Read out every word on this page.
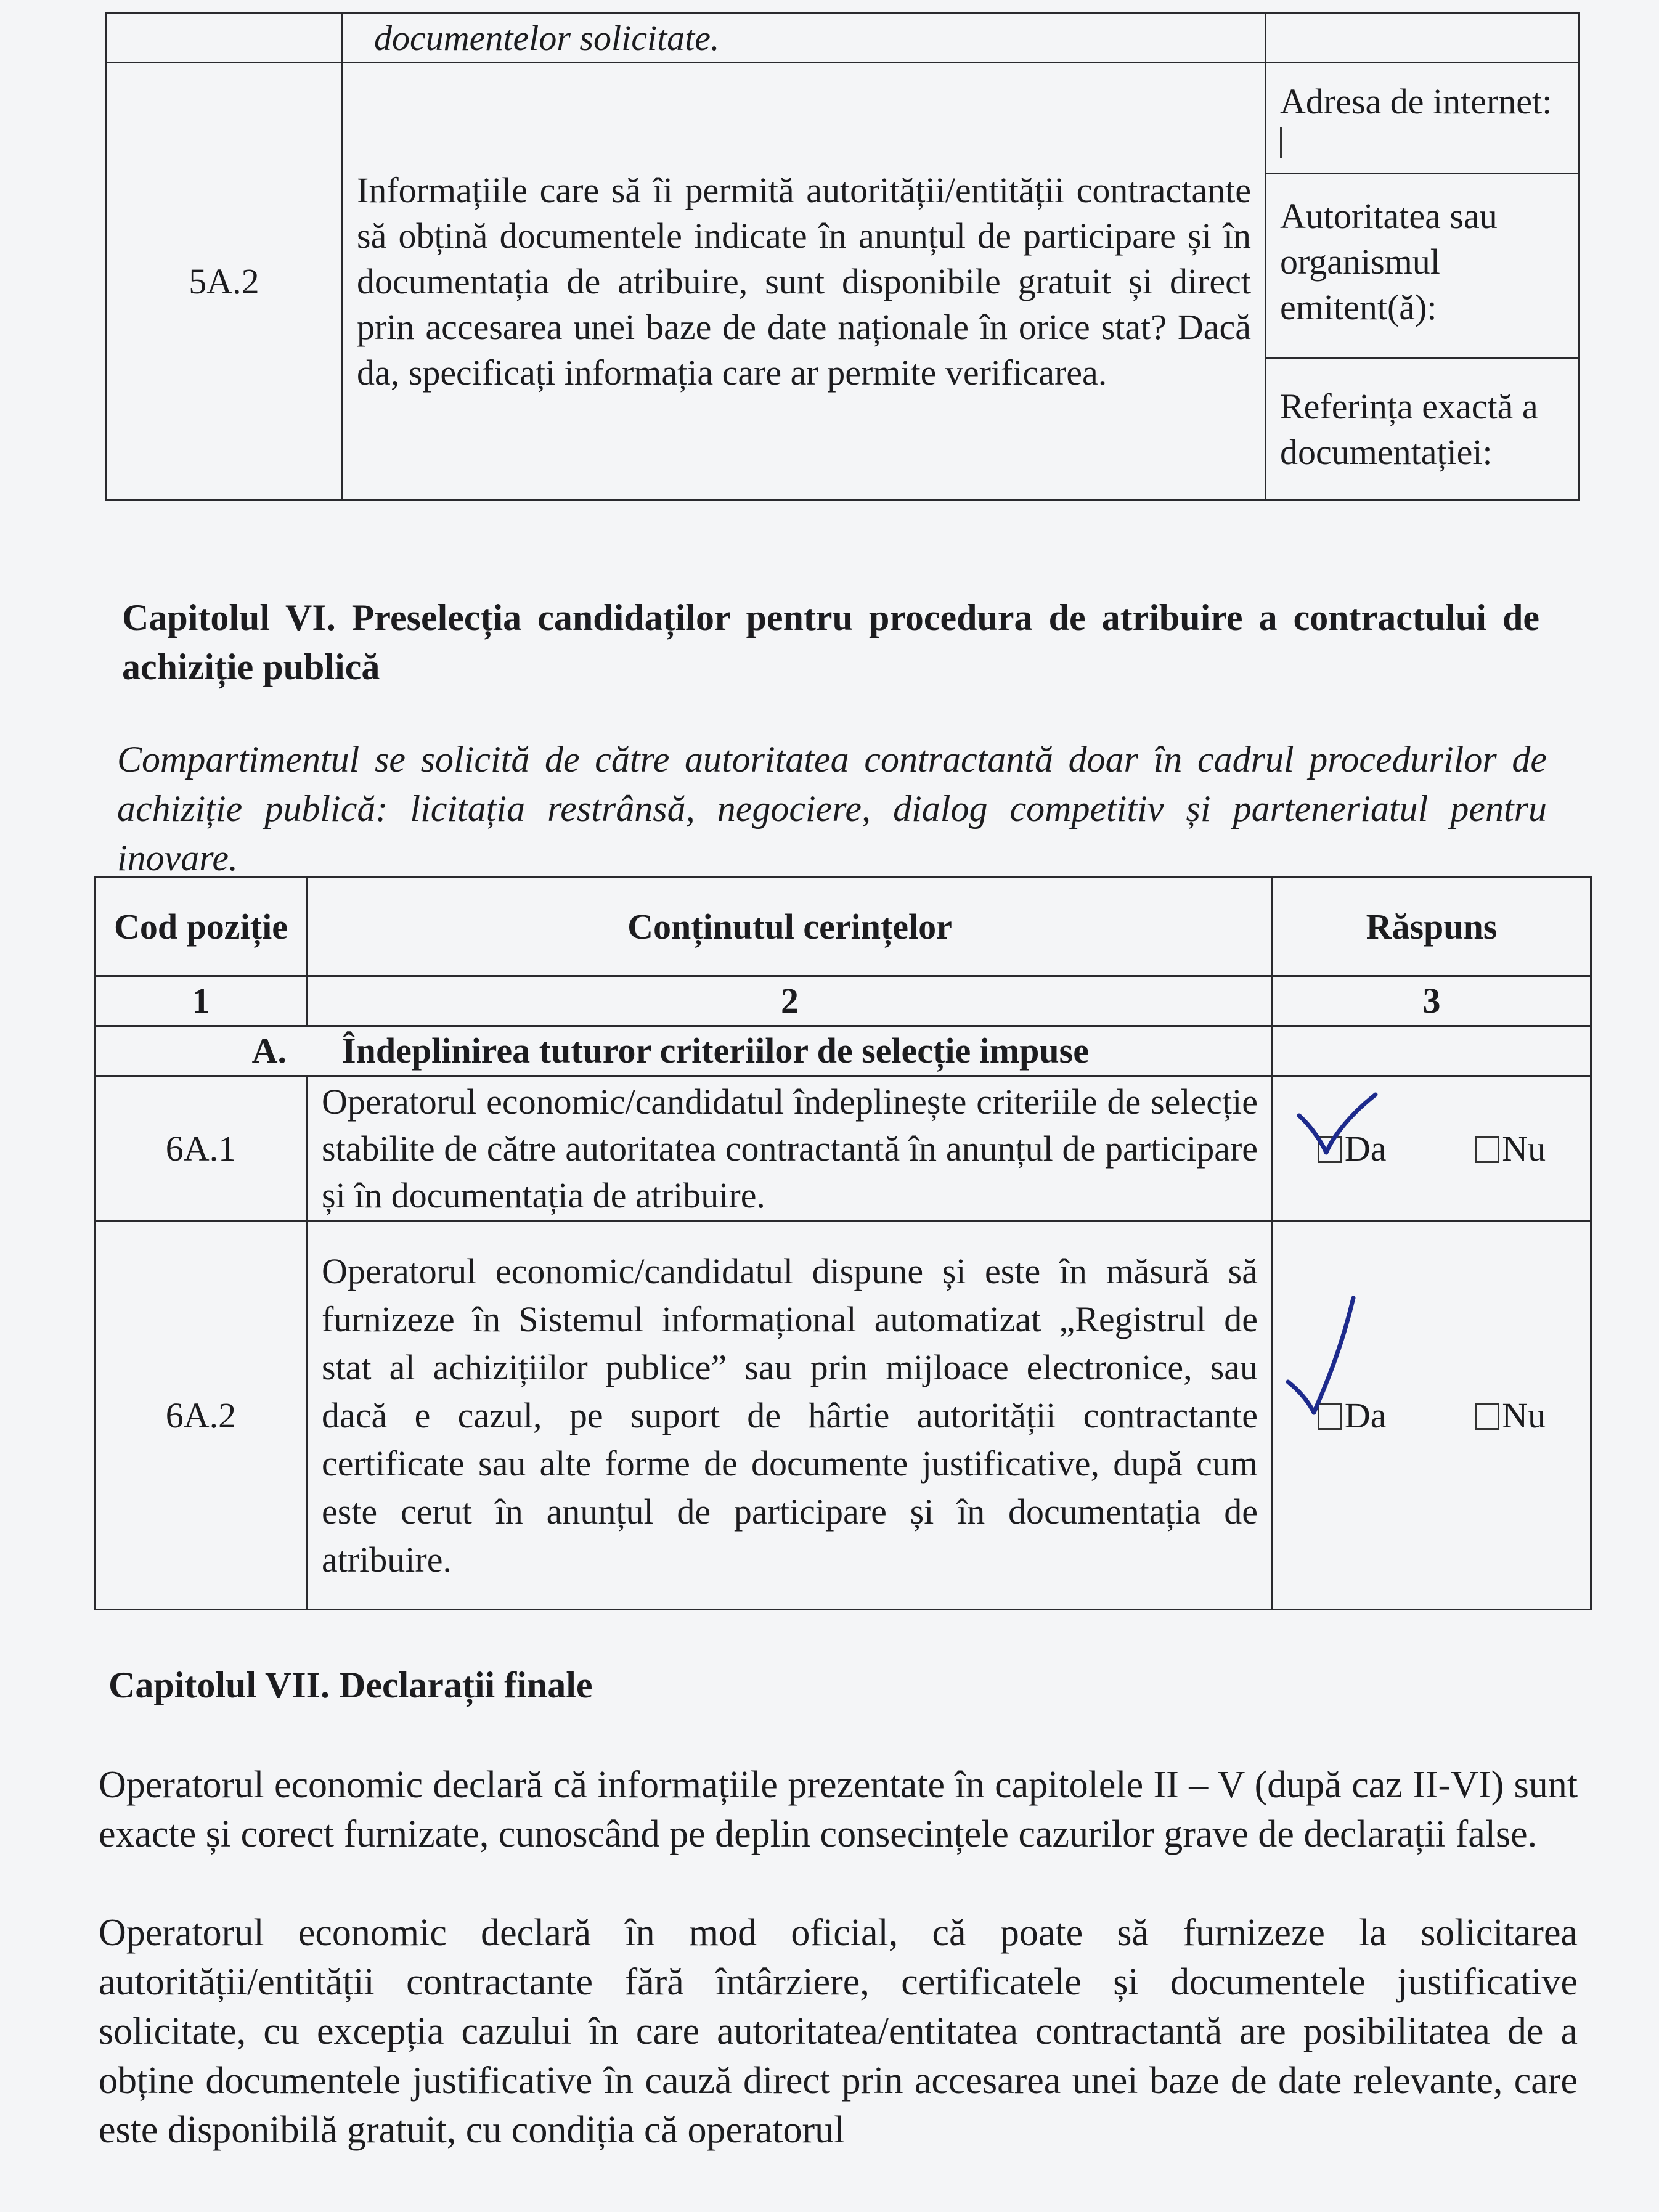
	documentelor solicitate.	
5A.2	Informațiile care să îi permită autorității/entității contractante să obțină documentele indicate în anunțul de participare și în documentația de atribuire, sunt disponibile gratuit și direct prin accesarea unei baze de date naționale în orice stat? Dacă da, specificați informația care ar permite verificarea.	Adresa de internet:

		Autoritatea sau organismul emitent(ă):
		Referința exactă a documentației:
Capitolul VI. Preselecția candidaților pentru procedura de atribuire a contractului de achiziție publică
Compartimentul se solicită de către autoritatea contractantă doar în cadrul procedurilor de achiziție publică: licitația restrânsă, negociere, dialog competitiv și parteneriatul pentru inovare.
Cod poziție	Conținutul cerințelor	Răspuns
1	2	3
A. Îndeplinirea tuturor criteriilor de selecție impuse		
6A.1	Operatorul economic/candidatul îndeplinește criteriile de selecție stabilite de către autoritatea contractantă în anunțul de participare și în documentația de atribuire.	Da Nu

6A.2	Operatorul economic/candidatul dispune și este în măsură să furnizeze în Sistemul informațional automatizat „Registrul de stat al achizițiilor publice” sau prin mijloace electronice, sau dacă e cazul, pe suport de hârtie autorității contractante certificate sau alte forme de documente justificative, după cum este cerut în anunțul de participare și în documentația de atribuire.	Da Nu
Capitolul VII. Declarații finale

Operatorul economic declară că informațiile prezentate în capitolele II – V (după caz II-VI) sunt exacte și corect furnizate, cunoscând pe deplin consecințele cazurilor grave de declarații false.

Operatorul economic declară în mod oficial, că poate să furnizeze la solicitarea autorității/entității contractante fără întârziere, certificatele și documentele justificative solicitate, cu excepția cazului în care autoritatea/entitatea contractantă are posibilitatea de a obține documentele justificative în cauză direct prin accesarea unei baze de date relevante, care este disponibilă gratuit, cu condiția că operatorul
